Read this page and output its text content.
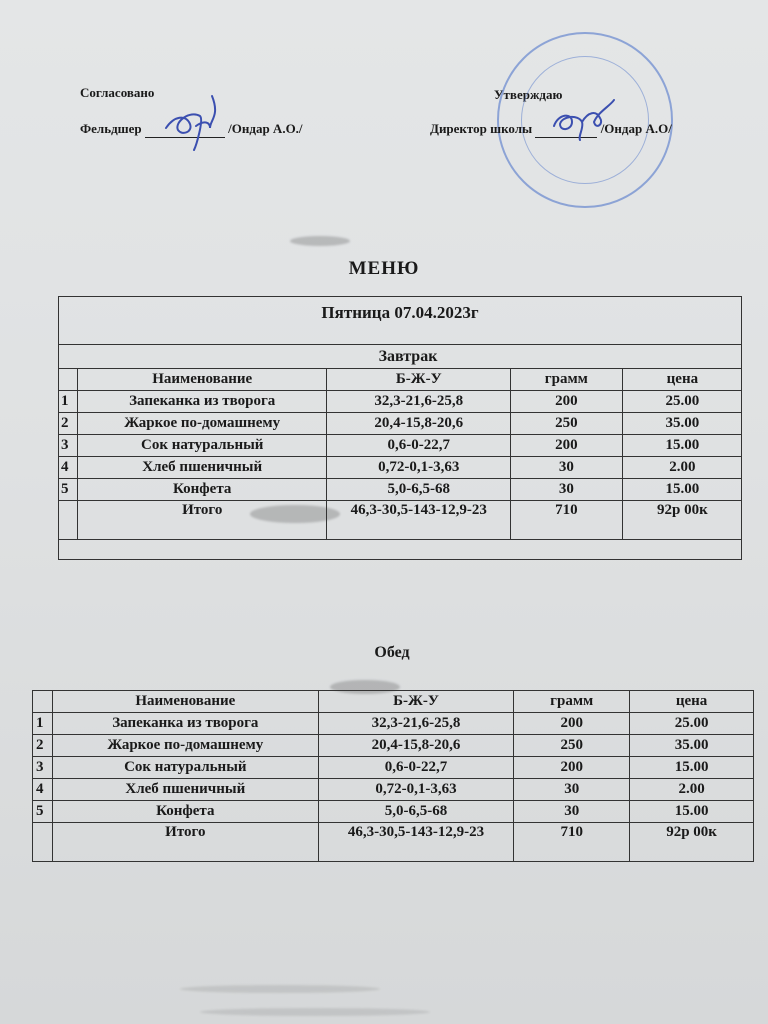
Согласовано
Фельдшер	/Ондар А.О./
Утверждаю
Директор школы	/Ондар А.О/
МЕНЮ
Пятница 07.04.2023г
Завтрак
	Наименование	Б-Ж-У	грамм	цена
1	Запеканка из творога	32,3-21,6-25,8	200	25.00
2	Жаркое по-домашнему	20,4-15,8-20,6	250	35.00
3	Сок натуральный	0,6-0-22,7	200	15.00
4	Хлеб пшеничный	0,72-0,1-3,63	30	2.00
5	Конфета	5,0-6,5-68	30	15.00
	Итого	46,3-30,5-143-12,9-23	710	92р 00к
Обед
	Наименование	Б-Ж-У	грамм	цена
1	Запеканка из творога	32,3-21,6-25,8	200	25.00
2	Жаркое по-домашнему	20,4-15,8-20,6	250	35.00
3	Сок натуральный	0,6-0-22,7	200	15.00
4	Хлеб пшеничный	0,72-0,1-3,63	30	2.00
5	Конфета	5,0-6,5-68	30	15.00
	Итого	46,3-30,5-143-12,9-23	710	92р 00к
